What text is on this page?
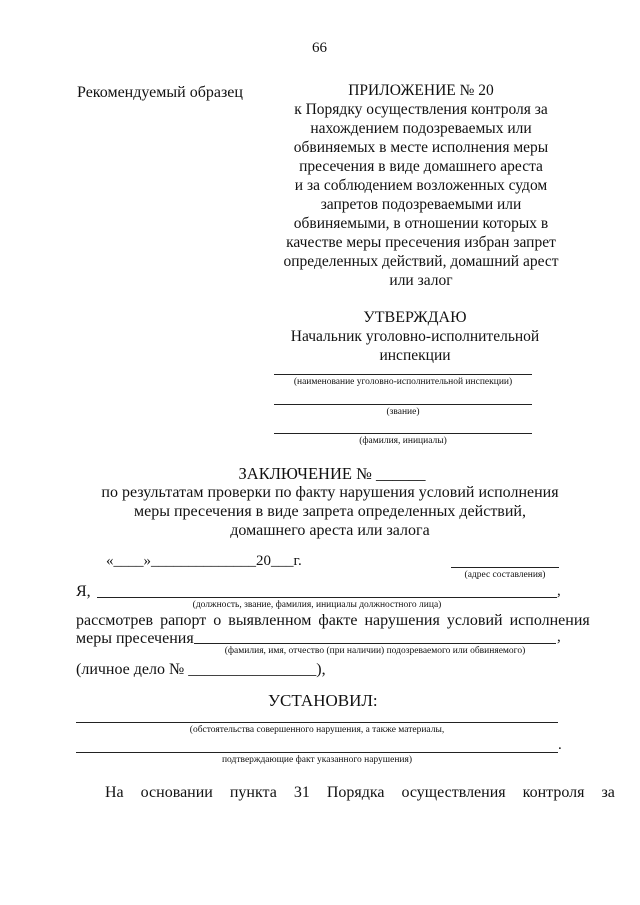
66
Рекомендуемый образец	ПРИЛОЖЕНИЕ № 20
к Порядку осуществления контроля за
нахождением подозреваемых или
обвиняемых в месте исполнения меры
пресечения в виде домашнего ареста
и за соблюдением возложенных судом
запретов подозреваемыми или
обвиняемыми, в отношении которых в
качестве меры пресечения избран запрет
определенных действий, домашний арест
или залог
УТВЕРЖДАЮ
Начальник уголовно-исполнительной
инспекции
(наименование уголовно-исполнительной инспекции)
(звание)
(фамилия, инициалы)
ЗАКЛЮЧЕНИЕ № ______
по результатам проверки по факту нарушения условий исполнения
меры пресечения в виде запрета определенных действий,
домашнего ареста или залога
«____»______________20___г.
(адрес составления)
Я,	,
(должность, звание, фамилия, инициалы должностного лица)
рассмотрев рапорт о выявленном факте нарушения условий исполнения
меры пресечения	,
(фамилия, имя, отчество (при наличии) подозреваемого или обвиняемого)
(личное дело № ________________),
УСТАНОВИЛ:
(обстоятельства совершенного нарушения, а также материалы,
.
подтверждающие факт указанного нарушения)
На основании пункта 31 Порядка осуществления контроля за
